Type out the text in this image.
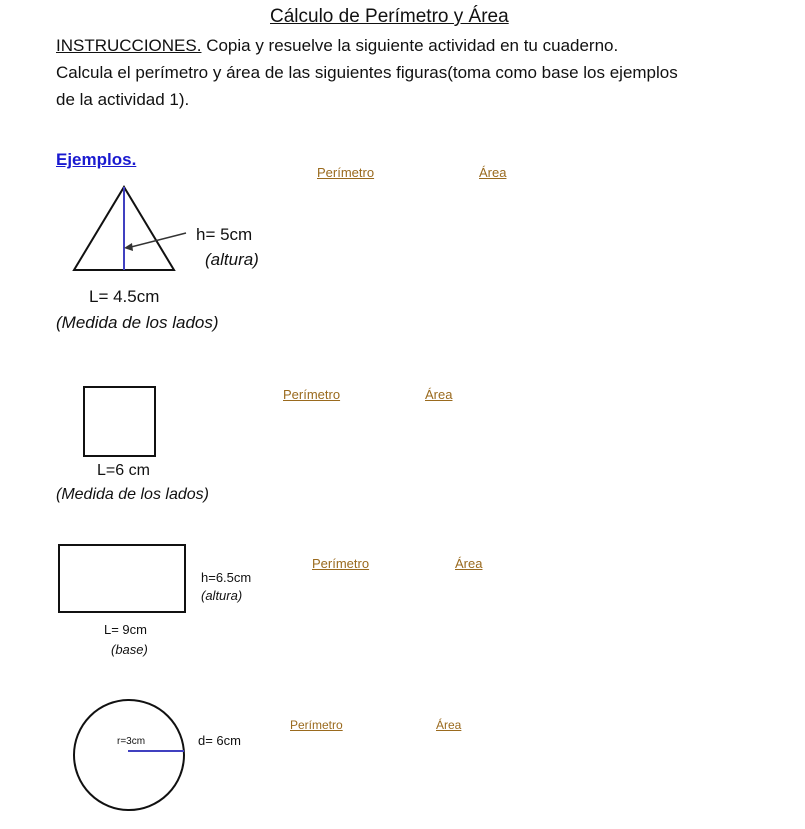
Cálculo de Perímetro y Área
INSTRUCCIONES. Copia y resuelve la siguiente actividad en tu cuaderno.
Calcula el perímetro y área de las siguientes figuras(toma como base los ejemplos
de la actividad 1).
Ejemplos.
Perímetro	Área
h= 5cm
(altura)
L= 4.5cm
(Medida de los lados)
Perímetro	Área
L=6 cm
(Medida de los lados)
Perímetro	Área
h=6.5cm
(altura)
L= 9cm
(base)
Perímetro	Área
r=3cm	d= 6cm
